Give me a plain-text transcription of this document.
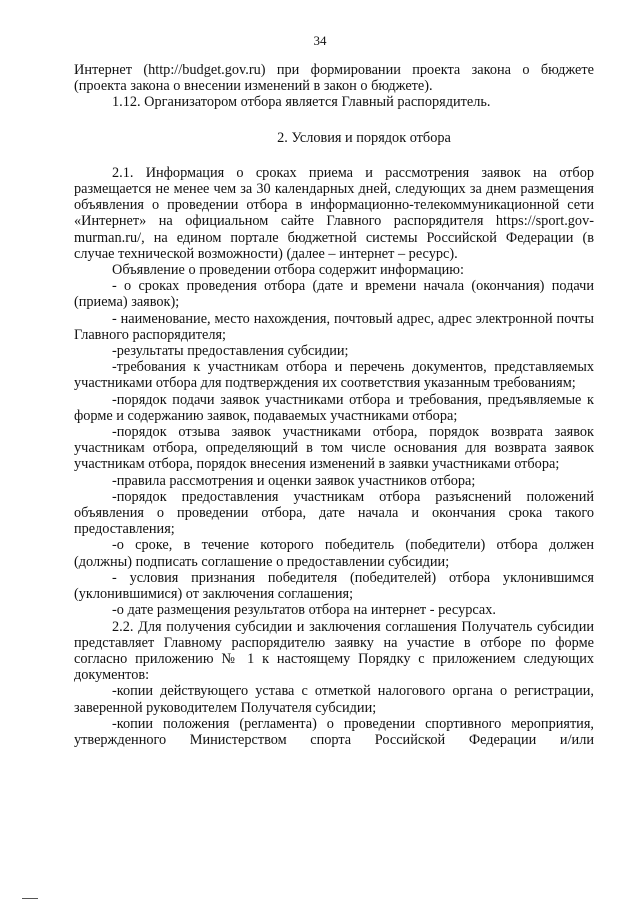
34

Интернет (http://budget.gov.ru) при формировании проекта закона о бюджете (проекта закона о внесении изменений в закон о бюджете).

1.12. Организатором отбора является Главный распорядитель.

2. Условия и порядок отбора

2.1. Информация о сроках приема и рассмотрения заявок на отбор размещается не менее чем за 30 календарных дней, следующих за днем размещения объявления о проведении отбора в информационно-телекоммуникационной сети «Интернет» на официальном сайте Главного распорядителя https://sport.gov-murman.ru/, на едином портале бюджетной системы Российской Федерации (в случае технической возможности) (далее – интернет – ресурс).

Объявление о проведении отбора содержит информацию:

- о сроках проведения отбора (дате и времени начала (окончания) подачи (приема) заявок);

- наименование, место нахождения, почтовый адрес, адрес электронной почты Главного распорядителя;

-результаты предоставления субсидии;

-требования к участникам отбора и перечень документов, представляемых участниками отбора для подтверждения их соответствия указанным требованиям;

-порядок подачи заявок участниками отбора и требования, предъявляемые к форме и содержанию заявок, подаваемых участниками отбора;

-порядок отзыва заявок участниками отбора, порядок возврата заявок участникам отбора, определяющий в том числе основания для возврата заявок участникам отбора, порядок внесения изменений в заявки участниками отбора;

-правила рассмотрения и оценки заявок участников отбора;

-порядок предоставления участникам отбора разъяснений положений объявления о проведении отбора, дате начала и окончания срока такого предоставления;

-о сроке, в течение которого победитель (победители) отбора должен (должны) подписать соглашение о предоставлении субсидии;

- условия признания победителя (победителей) отбора уклонившимся (уклонившимися) от заключения соглашения;

-о дате размещения результатов отбора на интернет - ресурсах.

2.2. Для получения субсидии и заключения соглашения Получатель субсидии представляет Главному распорядителю заявку на участие в отборе по форме согласно приложению № 1 к настоящему Порядку с приложением следующих документов:

-копии действующего устава с отметкой налогового органа о регистрации, заверенной руководителем Получателя субсидии;

-копии положения (регламента) о проведении спортивного мероприятия, утвержденного Министерством спорта Российской Федерации и/или
